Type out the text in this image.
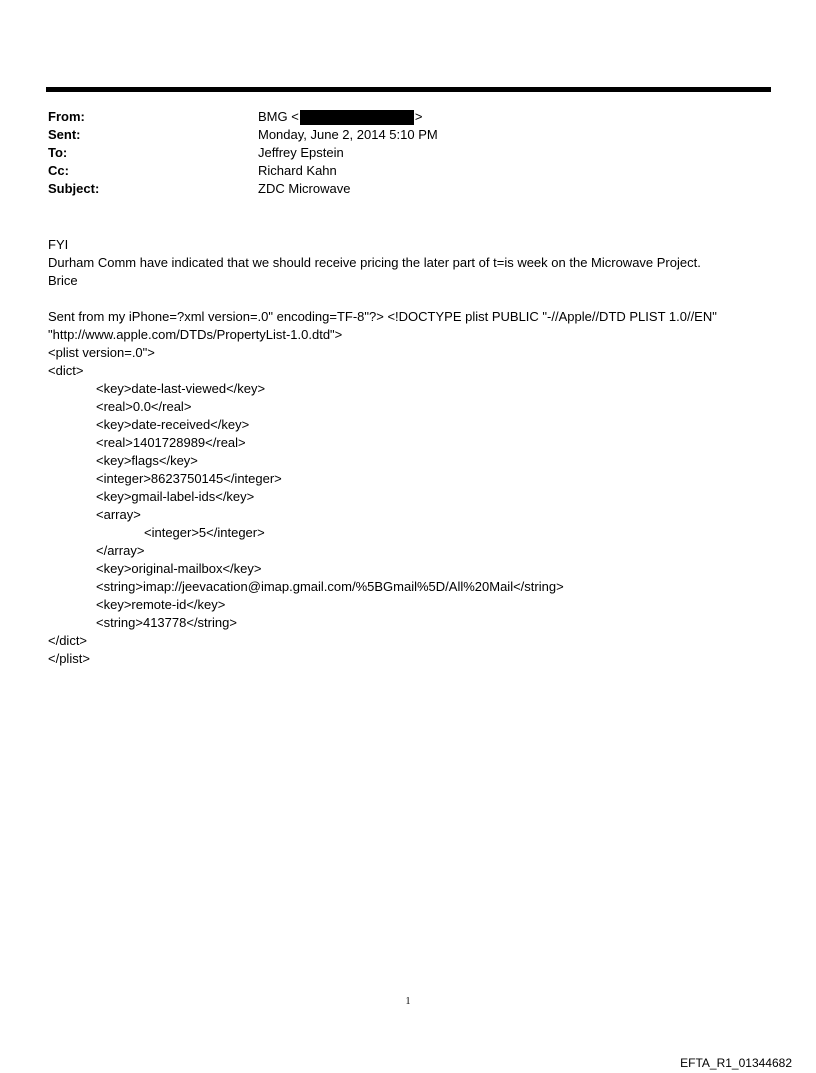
From:	BMG <	>
Sent:	Monday, June 2, 2014 5:10 PM
To:	Jeffrey Epstein
Cc:	Richard Kahn
Subject:	ZDC Microwave
FYI
Durham Comm have indicated that we should receive pricing the later part of t=is week on the Microwave Project.
Brice
Sent from my iPhone=?xml version=.0" encoding=TF-8"?> <!DOCTYPE plist PUBLIC "-//Apple//DTD PLIST 1.0//EN"
"http://www.apple.com/DTDs/PropertyList-1.0.dtd">
<plist version=.0">
<dict>
<key>date-last-viewed</key>
<real>0.0</real>
<key>date-received</key>
<real>1401728989</real>
<key>flags</key>
<integer>8623750145</integer>
<key>gmail-label-ids</key>
<array>
<integer>5</integer>
</array>
<key>original-mailbox</key>
<string>imap://jeevacation@imap.gmail.com/%5BGmail%5D/All%20Mail</string>
<key>remote-id</key>
<string>413778</string>
</dict>
</plist>
1
EFTA_R1_01344682
